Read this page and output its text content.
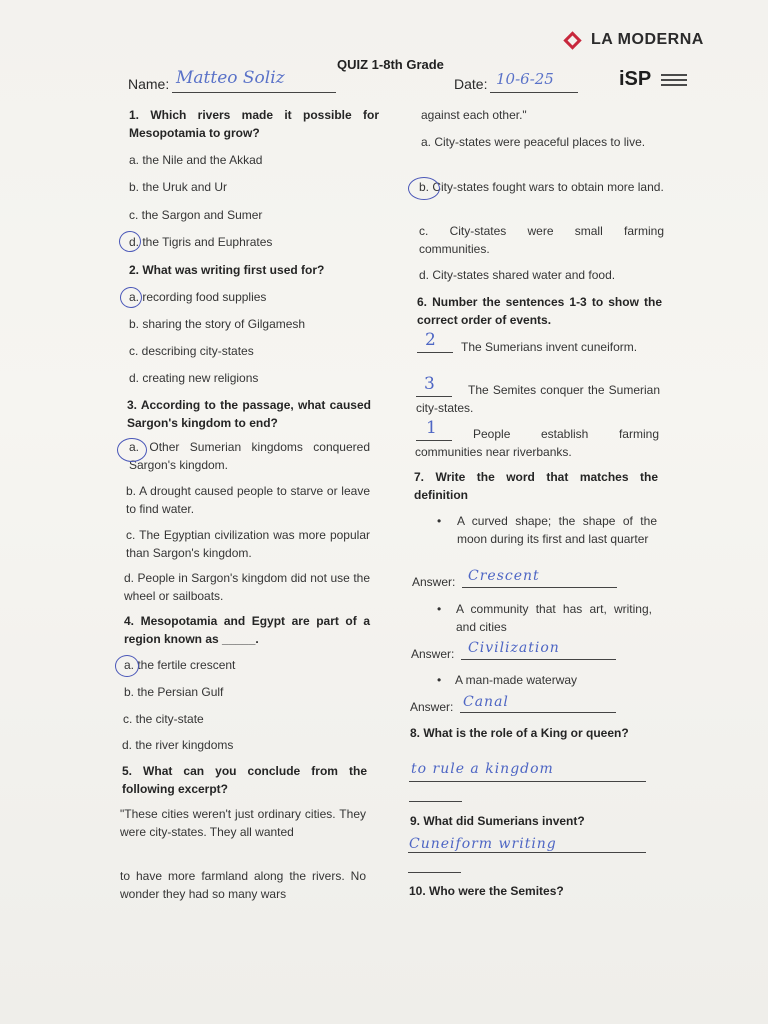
LA MODERNA
iSP
QUIZ 1-8th Grade
Name: Matteo Soliz	Date: 10-6-25
1. Which rivers made it possible for Mesopotamia to grow?
a. the Nile and the Akkad
b. the Uruk and Ur
c. the Sargon and Sumer
d. the Tigris and Euphrates
2. What was writing first used for?
a. recording food supplies
b. sharing the story of Gilgamesh
c. describing city-states
d. creating new religions
3. According to the passage, what caused Sargon's kingdom to end?
a. Other Sumerian kingdoms conquered Sargon's kingdom.
b. A drought caused people to starve or leave to find water.
c. The Egyptian civilization was more popular than Sargon's kingdom.
d. People in Sargon's kingdom did not use the wheel or sailboats.
4. Mesopotamia and Egypt are part of a region known as _____.
a. the fertile crescent
b. the Persian Gulf
c. the city-state
d. the river kingdoms
5. What can you conclude from the following excerpt?
"These cities weren't just ordinary cities. They were city-states. They all wanted
to have more farmland along the rivers. No wonder they had so many wars
against each other."
a. City-states were peaceful places to live.
b. City-states fought wars to obtain more land.
c. City-states were small farming communities.
d. City-states shared water and food.
6. Number the sentences 1-3 to show the correct order of events.
2	The Sumerians invent cuneiform.
3	The Semites conquer the Sumerian city-states.
1	People establish farming communities near riverbanks.
7. Write the word that matches the definition
• A curved shape; the shape of the moon during its first and last quarter
Answer: Crescent
• A community that has art, writing, and cities
Answer: Civilization
• A man-made waterway
Answer: Canal
8. What is the role of a King or queen?
to rule a kingdom
9. What did Sumerians invent?
Cuneiform writing
10. Who were the Semites?
